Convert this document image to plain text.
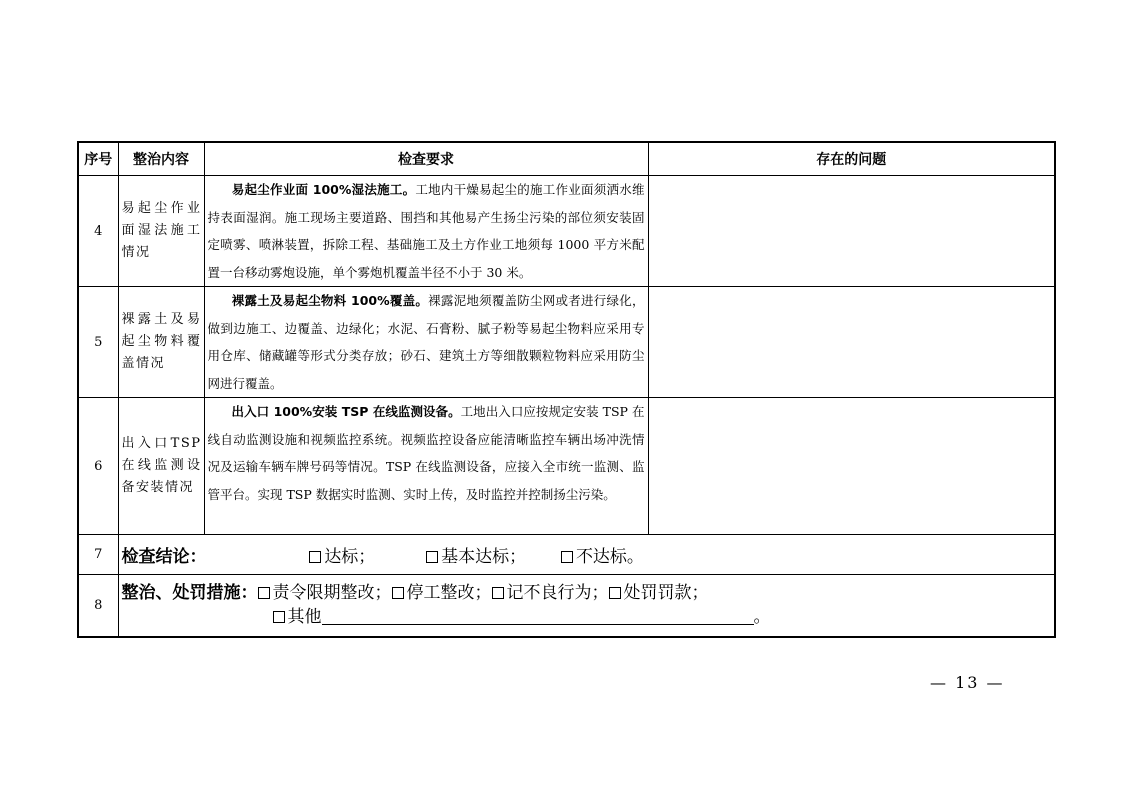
序号	整治内容	检查要求	存在的问题
4	易起尘作业面湿法施工情况	易起尘作业面 100%湿法施工。工地内干燥易起尘的施工作业面须洒水维持表面湿润。施工现场主要道路、围挡和其他易产生扬尘污染的部位须安装固定喷雾、喷淋装置，拆除工程、基础施工及土方作业工地须每 1000 平方米配置一台移动雾炮设施，单个雾炮机覆盖半径不小于 30 米。	
5	裸露土及易起尘物料覆盖情况	裸露土及易起尘物料 100%覆盖。裸露泥地须覆盖防尘网或者进行绿化，做到边施工、边覆盖、边绿化；水泥、石膏粉、腻子粉等易起尘物料应采用专用仓库、储藏罐等形式分类存放；砂石、建筑土方等细散颗粒物料应采用防尘网进行覆盖。	
6	出入口TSP在线监测设备安装情况	出入口 100%安装 TSP 在线监测设备。工地出入口应按规定安装 TSP 在线自动监测设施和视频监控系统。视频监控设备应能清晰监控车辆出场冲洗情况及运输车辆车牌号码等情况。TSP 在线监测设备，应接入全市统一监测、监管平台。实现 TSP 数据实时监测、实时上传，及时监控并控制扬尘污染。	
7	检查结论： 达标； 基本达标； 不达标。		
8	整治、处罚措施： 责令限期整改； 停工整改； 记不良行为； 处罚罚款；
其他 。		
— 13 —
